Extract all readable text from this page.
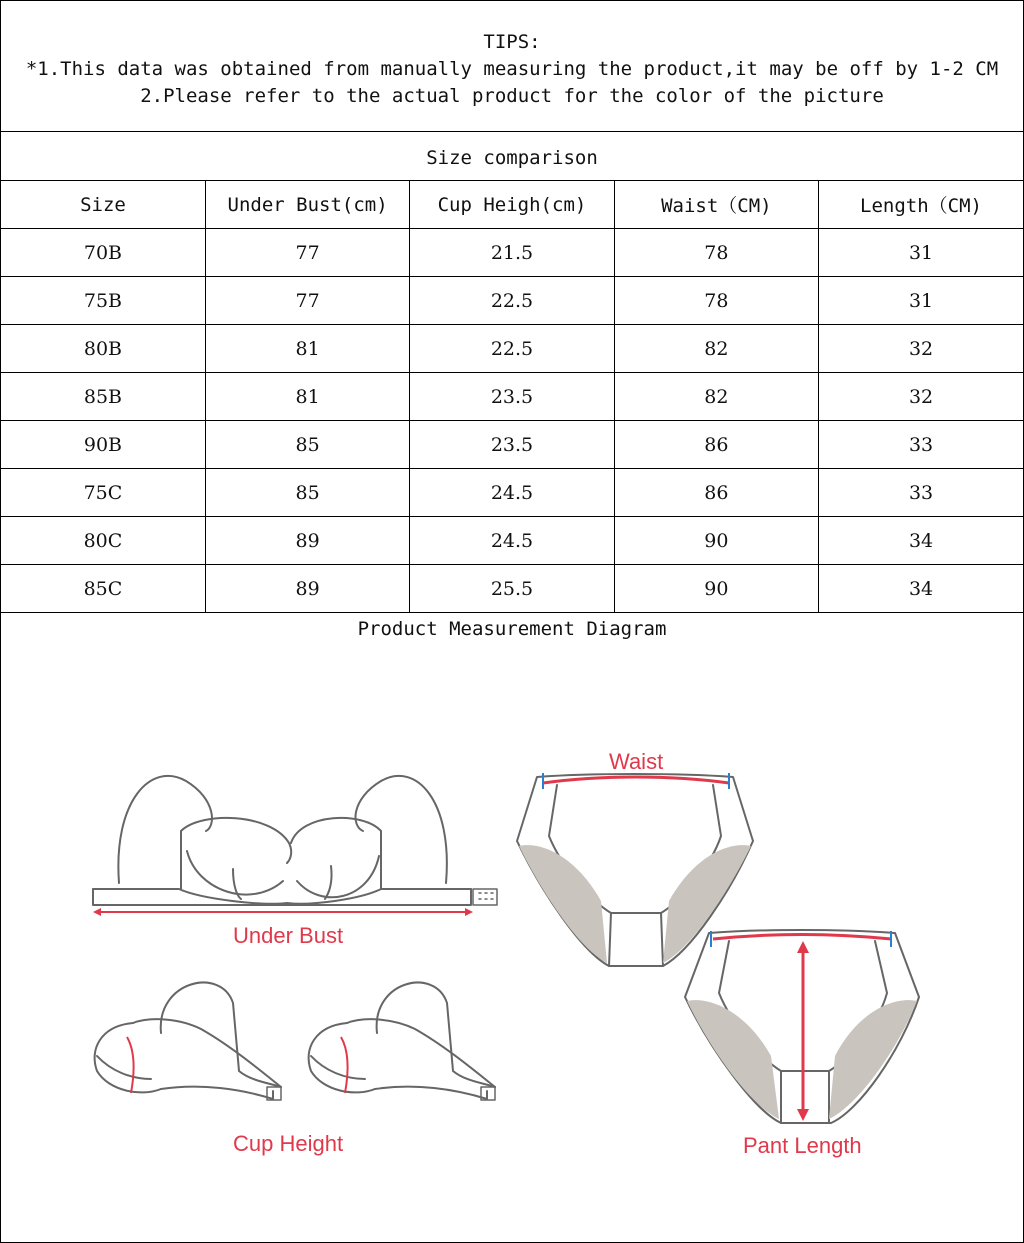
TIPS:
*1.This data was obtained from manually measuring the product,it may be off by 1-2 CM
2.Please refer to the actual product for the color of the picture
Size comparison
Size	Under Bust(cm)	Cup Heigh(cm)	Waist（CM)	Length（CM)
70B	77	21.5	78	31
75B	77	22.5	78	31
80B	81	22.5	82	32
85B	81	23.5	82	32
90B	85	23.5	86	33
75C	85	24.5	86	33
80C	89	24.5	90	34
85C	89	25.5	90	34
Product Measurement Diagram
Under Bust
Cup Height
Waist
Pant Length
